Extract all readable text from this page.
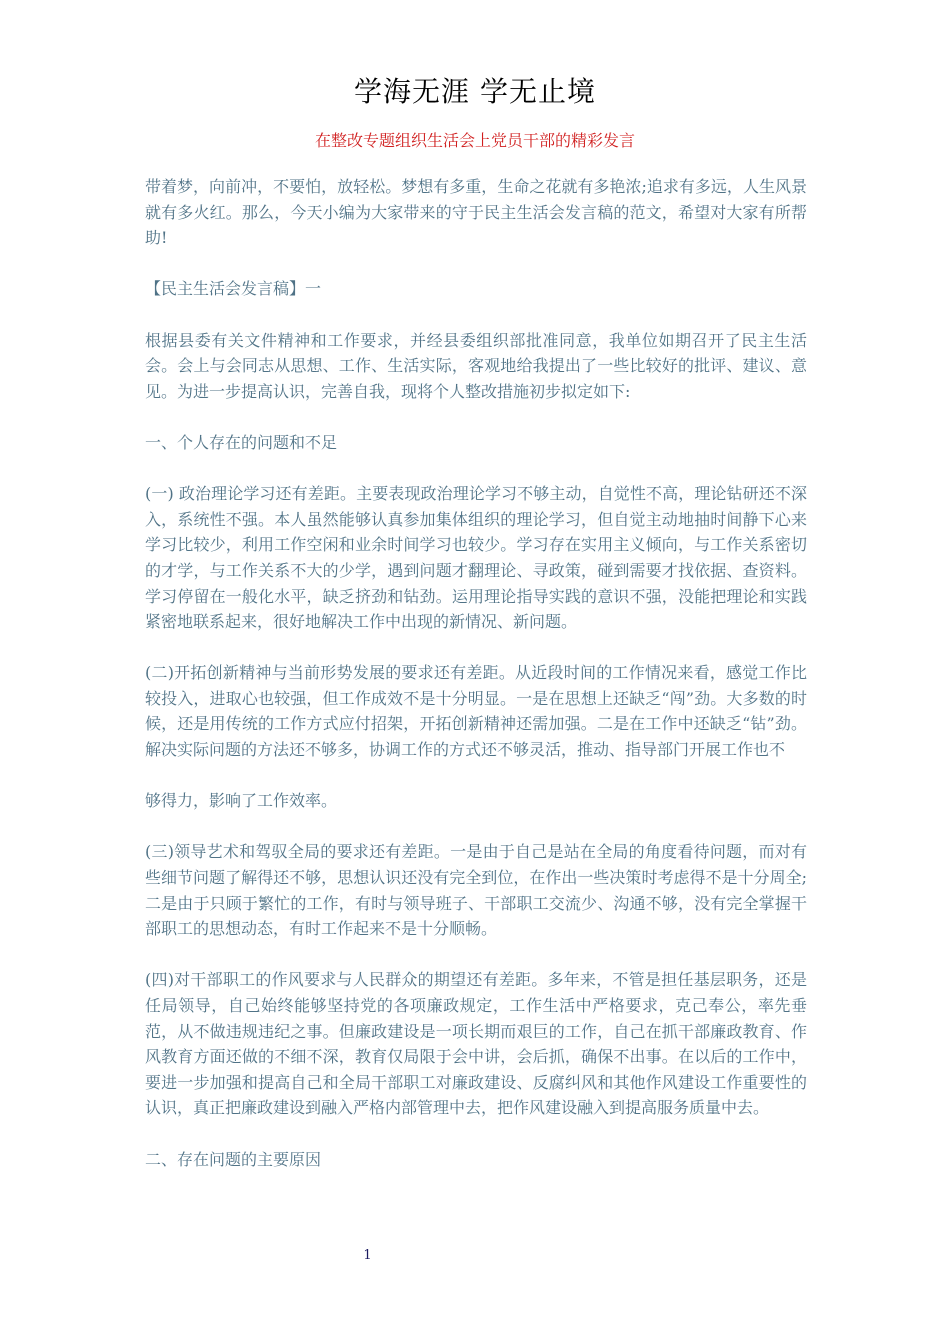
学海无涯 学无止境
在整改专题组织生活会上党员干部的精彩发言

带着梦，向前冲，不要怕，放轻松。梦想有多重，生命之花就有多艳浓;追求有多远，人生风景就有多火红。那么，今天小编为大家带来的守于民主生活会发言稿的范文，希望对大家有所帮助!

【民主生活会发言稿】一

根据县委有关文件精神和工作要求，并经县委组织部批准同意，我单位如期召开了民主生活会。会上与会同志从思想、工作、生活实际，客观地给我提出了一些比较好的批评、建议、意见。为进一步提高认识，完善自我，现将个人整改措施初步拟定如下:

一、个人存在的问题和不足

(一) 政治理论学习还有差距。主要表现政治理论学习不够主动，自觉性不高，理论钻研还不深入，系统性不强。本人虽然能够认真参加集体组织的理论学习，但自觉主动地抽时间静下心来学习比较少，利用工作空闲和业余时间学习也较少。学习存在实用主义倾向，与工作关系密切的才学，与工作关系不大的少学，遇到问题才翻理论、寻政策，碰到需要才找依据、查资料。学习停留在一般化水平，缺乏挤劲和钻劲。运用理论指导实践的意识不强，没能把理论和实践紧密地联系起来，很好地解决工作中出现的新情况、新问题。

(二)开拓创新精神与当前形势发展的要求还有差距。从近段时间的工作情况来看，感觉工作比较投入，进取心也较强，但工作成效不是十分明显。一是在思想上还缺乏“闯”劲。大多数的时候，还是用传统的工作方式应付招架，开拓创新精神还需加强。二是在工作中还缺乏“钻”劲。解决实际问题的方法还不够多，协调工作的方式还不够灵活，推动、指导部门开展工作也不

够得力，影响了工作效率。

(三)领导艺术和驾驭全局的要求还有差距。一是由于自己是站在全局的角度看待问题，而对有些细节问题了解得还不够，思想认识还没有完全到位，在作出一些决策时考虑得不是十分周全;二是由于只顾于繁忙的工作，有时与领导班子、干部职工交流少、沟通不够，没有完全掌握干部职工的思想动态，有时工作起来不是十分顺畅。

(四)对干部职工的作风要求与人民群众的期望还有差距。多年来，不管是担任基层职务，还是任局领导，自己始终能够坚持党的各项廉政规定，工作生活中严格要求，克己奉公，率先垂范，从不做违规违纪之事。但廉政建设是一项长期而艰巨的工作，自己在抓干部廉政教育、作风教育方面还做的不细不深，教育仅局限于会中讲，会后抓，确保不出事。在以后的工作中，要进一步加强和提高自己和全局干部职工对廉政建设、反腐纠风和其他作风建设工作重要性的认识，真正把廉政建设到融入严格内部管理中去，把作风建设融入到提高服务质量中去。

二、存在问题的主要原因

1
